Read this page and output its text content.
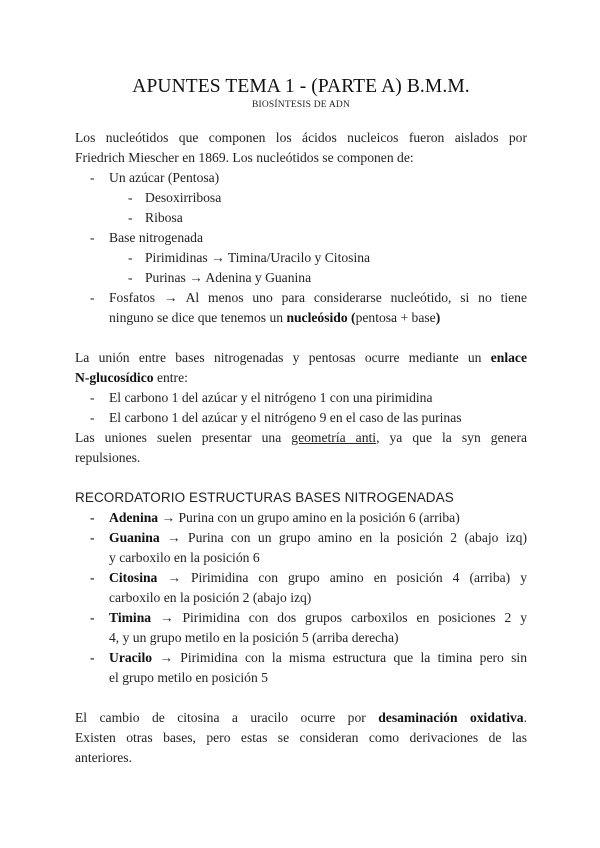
APUNTES TEMA 1 - (PARTE A) B.M.M.
BIOSÍNTESIS DE ADN
Los nucleótidos que componen los ácidos nucleicos fueron aislados por
Friedrich Miescher en 1869. Los nucleótidos se componen de:
- Un azúcar (Pentosa)
- Desoxirribosa
- Ribosa
- Base nitrogenada
- Pirimidinas → Timina/Uracilo y Citosina
- Purinas → Adenina y Guanina
- Fosfatos → Al menos uno para considerarse nucleótido, si no tiene
ninguno se dice que tenemos un nucleósido (pentosa + base)
La unión entre bases nitrogenadas y pentosas ocurre mediante un enlace
N-glucosídico entre:
- El carbono 1 del azúcar y el nitrógeno 1 con una pirimidina
- El carbono 1 del azúcar y el nitrógeno 9 en el caso de las purinas
Las uniones suelen presentar una geometría anti, ya que la syn genera
repulsiones.
RECORDATORIO ESTRUCTURAS BASES NITROGENADAS
- Adenina → Purina con un grupo amino en la posición 6 (arriba)
- Guanina → Purina con un grupo amino en la posición 2 (abajo izq)
y carboxilo en la posición 6
- Citosina → Pirimidina con grupo amino en posición 4 (arriba) y
carboxilo en la posición 2 (abajo izq)
- Timina → Pirimidina con dos grupos carboxilos en posiciones 2 y
4, y un grupo metilo en la posición 5 (arriba derecha)
- Uracilo → Pirimidina con la misma estructura que la timina pero sin
el grupo metilo en posición 5
El cambio de citosina a uracilo ocurre por desaminación oxidativa.
Existen otras bases, pero estas se consideran como derivaciones de las
anteriores.
